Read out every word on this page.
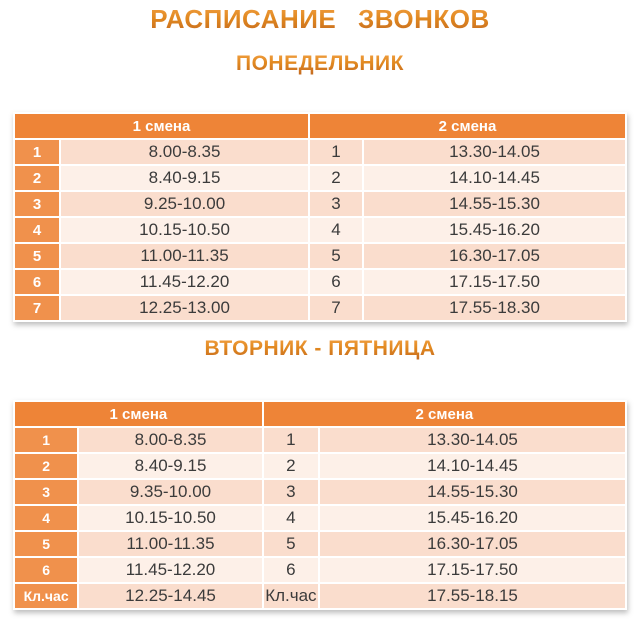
РАСПИСАНИЕ ЗВОНКОВ
ПОНЕДЕЛЬНИК
1 смена		2 смена	
1	8.00-8.35	1	13.30-14.05
2	8.40-9.15	2	14.10-14.45
3	9.25-10.00	3	14.55-15.30
4	10.15-10.50	4	15.45-16.20
5	11.00-11.35	5	16.30-17.05
6	11.45-12.20	6	17.15-17.50
7	12.25-13.00	7	17.55-18.30
ВТОРНИК - ПЯТНИЦА
1 смена		2 смена	
1	8.00-8.35	1	13.30-14.05
2	8.40-9.15	2	14.10-14.45
3	9.35-10.00	3	14.55-15.30
4	10.15-10.50	4	15.45-16.20
5	11.00-11.35	5	16.30-17.05
6	11.45-12.20	6	17.15-17.50
Кл.час	12.25-14.45	Кл.час	17.55-18.15
